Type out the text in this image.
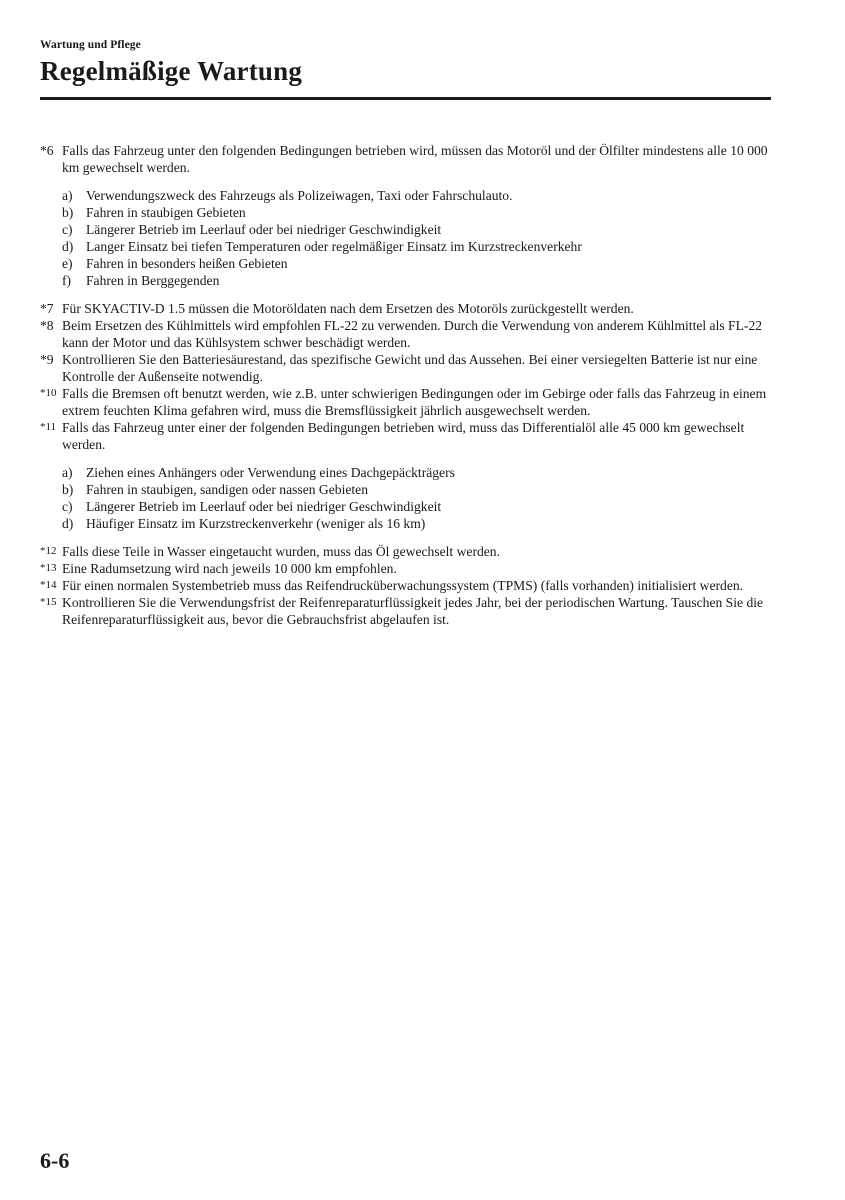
Wartung und Pflege
Regelmäßige Wartung
*6 Falls das Fahrzeug unter den folgenden Bedingungen betrieben wird, müssen das Motoröl und der Ölfilter mindestens alle 10 000 km gewechselt werden.
a) Verwendungszweck des Fahrzeugs als Polizeiwagen, Taxi oder Fahrschulauto.
b) Fahren in staubigen Gebieten
c) Längerer Betrieb im Leerlauf oder bei niedriger Geschwindigkeit
d) Langer Einsatz bei tiefen Temperaturen oder regelmäßiger Einsatz im Kurzstreckenverkehr
e) Fahren in besonders heißen Gebieten
f)	Fahren in Berggegenden
*7 Für SKYACTIV-D 1.5 müssen die Motoröldaten nach dem Ersetzen des Motoröls zurückgestellt werden.
*8 Beim Ersetzen des Kühlmittels wird empfohlen FL-22 zu verwenden. Durch die Verwendung von anderem Kühlmittel als FL-22 kann der Motor und das Kühlsystem schwer beschädigt werden.
*9 Kontrollieren Sie den Batteriesäurestand, das spezifische Gewicht und das Aussehen. Bei einer versiegelten Batterie ist nur eine Kontrolle der Außenseite notwendig.
*10 Falls die Bremsen oft benutzt werden, wie z.B. unter schwierigen Bedingungen oder im Gebirge oder falls das Fahrzeug in einem extrem feuchten Klima gefahren wird, muss die Bremsflüssigkeit jährlich ausgewechselt werden.
*11 Falls das Fahrzeug unter einer der folgenden Bedingungen betrieben wird, muss das Differentialöl alle 45 000 km gewechselt werden.
a) Ziehen eines Anhängers oder Verwendung eines Dachgepäckträgers
b) Fahren in staubigen, sandigen oder nassen Gebieten
c) Längerer Betrieb im Leerlauf oder bei niedriger Geschwindigkeit
d) Häufiger Einsatz im Kurzstreckenverkehr (weniger als 16 km)
*12 Falls diese Teile in Wasser eingetaucht wurden, muss das Öl gewechselt werden.
*13 Eine Radumsetzung wird nach jeweils 10 000 km empfohlen.
*14 Für einen normalen Systembetrieb muss das Reifendrucküberwachungssystem (TPMS) (falls vorhanden) initialisiert werden.
*15 Kontrollieren Sie die Verwendungsfrist der Reifenreparaturflüssigkeit jedes Jahr, bei der periodischen Wartung. Tauschen Sie die Reifenreparaturflüssigkeit aus, bevor die Gebrauchsfrist abgelaufen ist.
6-6
